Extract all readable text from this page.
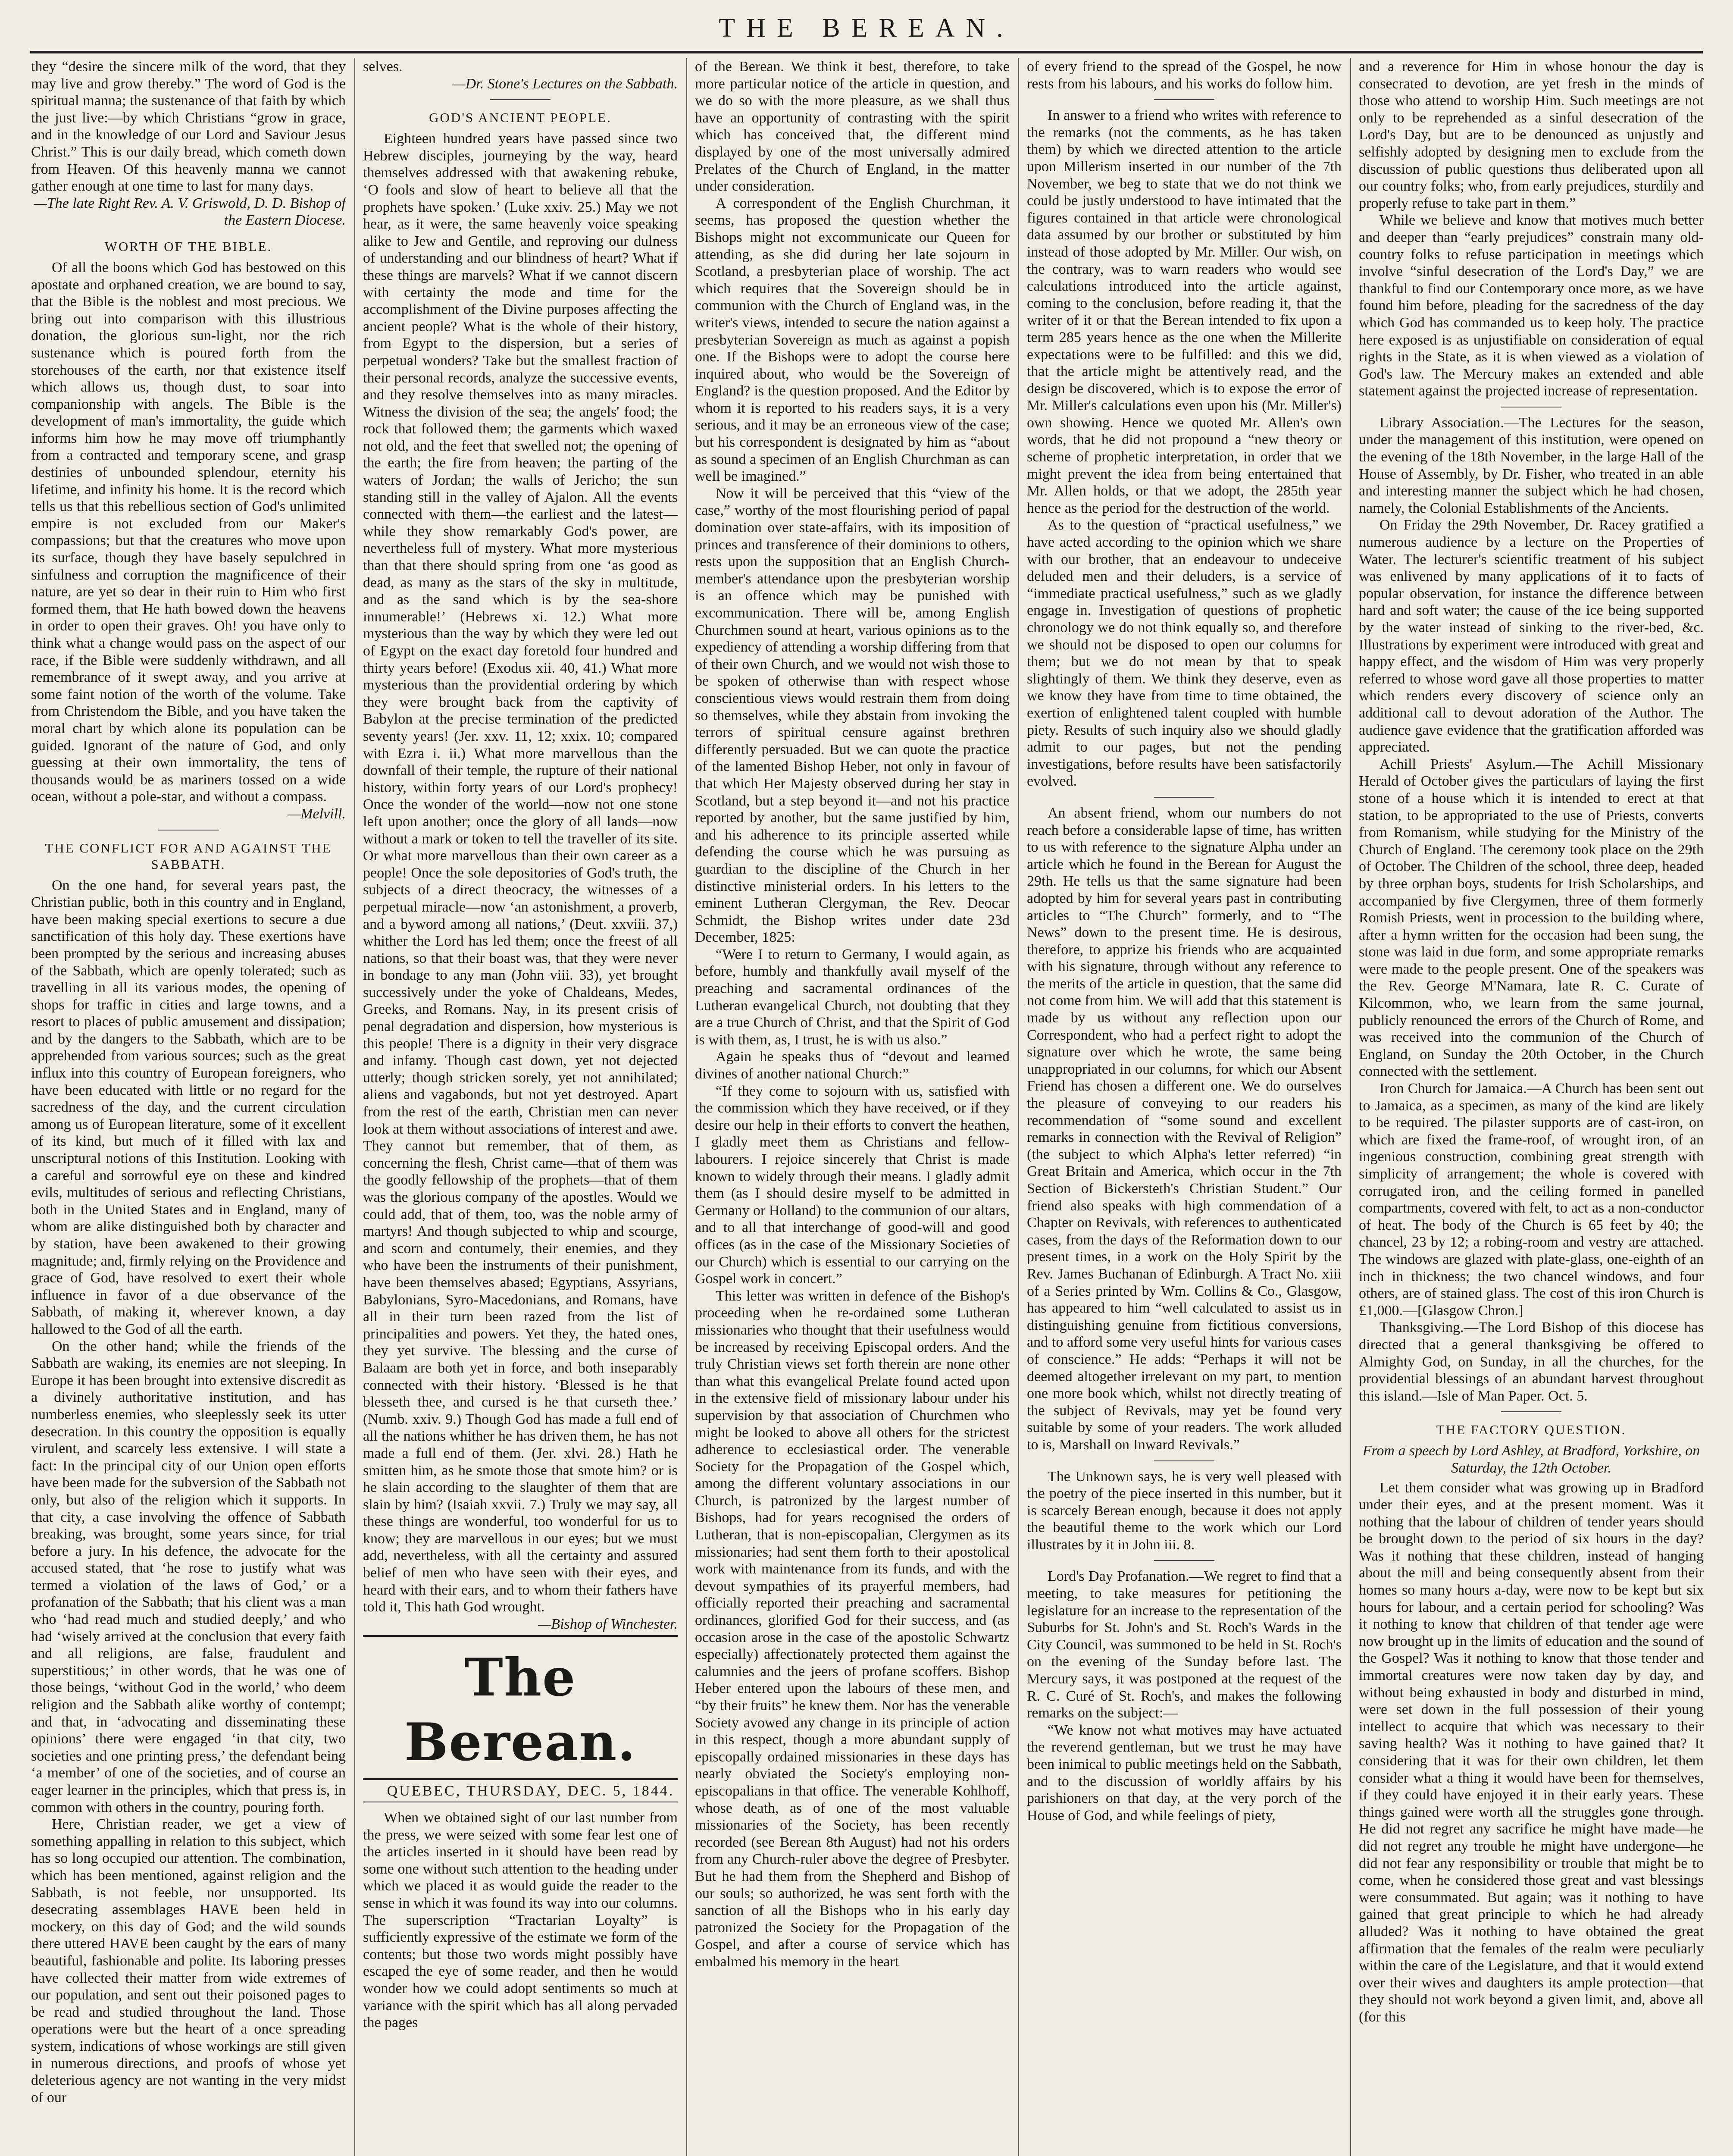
THE BEREAN.

they “desire the sincere milk of the word, that they may live and grow thereby.” The word of God is the spiritual manna; the sustenance of that faith by which the just live:—by which Christians “grow in grace, and in the knowledge of our Lord and Saviour Jesus Christ.” This is our daily bread, which cometh down from Heaven. Of this heavenly manna we cannot gather enough at one time to last for many days.

—The late Right Rev. A. V. Griswold, D. D. Bishop of the Eastern Diocese.

WORTH OF THE BIBLE.

Of all the boons which God has bestowed on this apostate and orphaned creation, we are bound to say, that the Bible is the noblest and most precious. We bring out into comparison with this illustrious donation, the glorious sun-light, nor the rich sustenance which is poured forth from the storehouses of the earth, nor that existence itself which allows us, though dust, to soar into companionship with angels. The Bible is the development of man's immortality, the guide which informs him how he may move off triumphantly from a contracted and temporary scene, and grasp destinies of unbounded splendour, eternity his lifetime, and infinity his home. It is the record which tells us that this rebellious section of God's unlimited empire is not excluded from our Maker's compassions; but that the creatures who move upon its surface, though they have basely sepulchred in sinfulness and corruption the magnificence of their nature, are yet so dear in their ruin to Him who first formed them, that He hath bowed down the heavens in order to open their graves. Oh! you have only to think what a change would pass on the aspect of our race, if the Bible were suddenly withdrawn, and all remembrance of it swept away, and you arrive at some faint notion of the worth of the volume. Take from Christendom the Bible, and you have taken the moral chart by which alone its population can be guided. Ignorant of the nature of God, and only guessing at their own immortality, the tens of thousands would be as mariners tossed on a wide ocean, without a pole-star, and without a compass.

—Melvill.

THE CONFLICT FOR AND AGAINST THE SABBATH.

On the one hand, for several years past, the Christian public, both in this country and in England, have been making special exertions to secure a due sanctification of this holy day. These exertions have been prompted by the serious and increasing abuses of the Sabbath, which are openly tolerated; such as travelling in all its various modes, the opening of shops for traffic in cities and large towns, and a resort to places of public amusement and dissipation; and by the dangers to the Sabbath, which are to be apprehended from various sources; such as the great influx into this country of European foreigners, who have been educated with little or no regard for the sacredness of the day, and the current circulation among us of European literature, some of it excellent of its kind, but much of it filled with lax and unscriptural notions of this Institution. Looking with a careful and sorrowful eye on these and kindred evils, multitudes of serious and reflecting Christians, both in the United States and in England, many of whom are alike distinguished both by character and by station, have been awakened to their growing magnitude; and, firmly relying on the Providence and grace of God, have resolved to exert their whole influence in favor of a due observance of the Sabbath, of making it, wherever known, a day hallowed to the God of all the earth.

On the other hand; while the friends of the Sabbath are waking, its enemies are not sleeping. In Europe it has been brought into extensive discredit as a divinely authoritative institution, and has numberless enemies, who sleeplessly seek its utter desecration. In this country the opposition is equally virulent, and scarcely less extensive. I will state a fact: In the principal city of our Union open efforts have been made for the subversion of the Sabbath not only, but also of the religion which it supports. In that city, a case involving the offence of Sabbath breaking, was brought, some years since, for trial before a jury. In his defence, the advocate for the accused stated, that ‘he rose to justify what was termed a violation of the laws of God,’ or a profanation of the Sabbath; that his client was a man who ‘had read much and studied deeply,’ and who had ‘wisely arrived at the conclusion that every faith and all religions, are false, fraudulent and superstitious;’ in other words, that he was one of those beings, ‘without God in the world,’ who deem religion and the Sabbath alike worthy of contempt; and that, in ‘advocating and disseminating these opinions’ there were engaged ‘in that city, two societies and one printing press,’ the defendant being ‘a member’ of one of the societies, and of course an eager learner in the principles, which that press is, in common with others in the country, pouring forth.

Here, Christian reader, we get a view of something appalling in relation to this subject, which has so long occupied our attention. The combination, which has been mentioned, against religion and the Sabbath, is not feeble, nor unsupported. Its desecrating assemblages HAVE been held in mockery, on this day of God; and the wild sounds there uttered HAVE been caught by the ears of many beautiful, fashionable and polite. Its laboring presses have collected their matter from wide extremes of our population, and sent out their poisoned pages to be read and studied throughout the land. Those operations were but the heart of a once spreading system, indications of whose workings are still given in numerous directions, and proofs of whose yet deleterious agency are not wanting in the very midst of our

selves.

—Dr. Stone's Lectures on the Sabbath.

GOD'S ANCIENT PEOPLE.

Eighteen hundred years have passed since two Hebrew disciples, journeying by the way, heard themselves addressed with that awakening rebuke, ‘O fools and slow of heart to believe all that the prophets have spoken.’ (Luke xxiv. 25.) May we not hear, as it were, the same heavenly voice speaking alike to Jew and Gentile, and reproving our dulness of understanding and our blindness of heart? What if these things are marvels? What if we cannot discern with certainty the mode and time for the accomplishment of the Divine purposes affecting the ancient people? What is the whole of their history, from Egypt to the dispersion, but a series of perpetual wonders? Take but the smallest fraction of their personal records, analyze the successive events, and they resolve themselves into as many miracles. Witness the division of the sea; the angels' food; the rock that followed them; the garments which waxed not old, and the feet that swelled not; the opening of the earth; the fire from heaven; the parting of the waters of Jordan; the walls of Jericho; the sun standing still in the valley of Ajalon. All the events connected with them—the earliest and the latest—while they show remarkably God's power, are nevertheless full of mystery. What more mysterious than that there should spring from one ‘as good as dead, as many as the stars of the sky in multitude, and as the sand which is by the sea-shore innumerable!’ (Hebrews xi. 12.) What more mysterious than the way by which they were led out of Egypt on the exact day foretold four hundred and thirty years before! (Exodus xii. 40, 41.) What more mysterious than the providential ordering by which they were brought back from the captivity of Babylon at the precise termination of the predicted seventy years! (Jer. xxv. 11, 12; xxix. 10; compared with Ezra i. ii.) What more marvellous than the downfall of their temple, the rupture of their national history, within forty years of our Lord's prophecy! Once the wonder of the world—now not one stone left upon another; once the glory of all lands—now without a mark or token to tell the traveller of its site. Or what more marvellous than their own career as a people! Once the sole depositories of God's truth, the subjects of a direct theocracy, the witnesses of a perpetual miracle—now ‘an astonishment, a proverb, and a byword among all nations,’ (Deut. xxviii. 37,) whither the Lord has led them; once the freest of all nations, so that their boast was, that they were never in bondage to any man (John viii. 33), yet brought successively under the yoke of Chaldeans, Medes, Greeks, and Romans. Nay, in its present crisis of penal degradation and dispersion, how mysterious is this people! There is a dignity in their very disgrace and infamy. Though cast down, yet not dejected utterly; though stricken sorely, yet not annihilated; aliens and vagabonds, but not yet destroyed. Apart from the rest of the earth, Christian men can never look at them without associations of interest and awe. They cannot but remember, that of them, as concerning the flesh, Christ came—that of them was the goodly fellowship of the prophets—that of them was the glorious company of the apostles. Would we could add, that of them, too, was the noble army of martyrs! And though subjected to whip and scourge, and scorn and contumely, their enemies, and they who have been the instruments of their punishment, have been themselves abased; Egyptians, Assyrians, Babylonians, Syro-Macedonians, and Romans, have all in their turn been razed from the list of principalities and powers. Yet they, the hated ones, they yet survive. The blessing and the curse of Balaam are both yet in force, and both inseparably connected with their history. ‘Blessed is he that blesseth thee, and cursed is he that curseth thee.’ (Numb. xxiv. 9.) Though God has made a full end of all the nations whither he has driven them, he has not made a full end of them. (Jer. xlvi. 28.) Hath he smitten him, as he smote those that smote him? or is he slain according to the slaughter of them that are slain by him? (Isaiah xxvii. 7.) Truly we may say, all these things are wonderful, too wonderful for us to know; they are marvellous in our eyes; but we must add, nevertheless, with all the certainty and assured belief of men who have seen with their eyes, and heard with their ears, and to whom their fathers have told it, This hath God wrought.

—Bishop of Winchester.

The Berean.

QUEBEC, THURSDAY, DEC. 5, 1844.

When we obtained sight of our last number from the press, we were seized with some fear lest one of the articles inserted in it should have been read by some one without such attention to the heading under which we placed it as would guide the reader to the sense in which it was found its way into our columns. The superscription “Tractarian Loyalty” is sufficiently expressive of the estimate we form of the contents; but those two words might possibly have escaped the eye of some reader, and then he would wonder how we could adopt sentiments so much at variance with the spirit which has all along pervaded the pages

of the Berean. We think it best, therefore, to take more particular notice of the article in question, and we do so with the more pleasure, as we shall thus have an opportunity of contrasting with the spirit which has conceived that, the different mind displayed by one of the most universally admired Prelates of the Church of England, in the matter under consideration.

A correspondent of the English Churchman, it seems, has proposed the question whether the Bishops might not excommunicate our Queen for attending, as she did during her late sojourn in Scotland, a presbyterian place of worship. The act which requires that the Sovereign should be in communion with the Church of England was, in the writer's views, intended to secure the nation against a presbyterian Sovereign as much as against a popish one. If the Bishops were to adopt the course here inquired about, who would be the Sovereign of England? is the question proposed. And the Editor by whom it is reported to his readers says, it is a very serious, and it may be an erroneous view of the case; but his correspondent is designated by him as “about as sound a specimen of an English Churchman as can well be imagined.”

Now it will be perceived that this “view of the case,” worthy of the most flourishing period of papal domination over state-affairs, with its imposition of princes and transference of their dominions to others, rests upon the supposition that an English Church-member's attendance upon the presbyterian worship is an offence which may be punished with excommunication. There will be, among English Churchmen sound at heart, various opinions as to the expediency of attending a worship differing from that of their own Church, and we would not wish those to be spoken of otherwise than with respect whose conscientious views would restrain them from doing so themselves, while they abstain from invoking the terrors of spiritual censure against brethren differently persuaded. But we can quote the practice of the lamented Bishop Heber, not only in favour of that which Her Majesty observed during her stay in Scotland, but a step beyond it—and not his practice reported by another, but the same justified by him, and his adherence to its principle asserted while defending the course which he was pursuing as guardian to the discipline of the Church in her distinctive ministerial orders. In his letters to the eminent Lutheran Clergyman, the Rev. Deocar Schmidt, the Bishop writes under date 23d December, 1825:

“Were I to return to Germany, I would again, as before, humbly and thankfully avail myself of the preaching and sacramental ordinances of the Lutheran evangelical Church, not doubting that they are a true Church of Christ, and that the Spirit of God is with them, as, I trust, he is with us also.”

Again he speaks thus of “devout and learned divines of another national Church:”

“If they come to sojourn with us, satisfied with the commission which they have received, or if they desire our help in their efforts to convert the heathen, I gladly meet them as Christians and fellow-labourers. I rejoice sincerely that Christ is made known to widely through their means. I gladly admit them (as I should desire myself to be admitted in Germany or Holland) to the communion of our altars, and to all that interchange of good-will and good offices (as in the case of the Missionary Societies of our Church) which is essential to our carrying on the Gospel work in concert.”

This letter was written in defence of the Bishop's proceeding when he re-ordained some Lutheran missionaries who thought that their usefulness would be increased by receiving Episcopal orders. And the truly Christian views set forth therein are none other than what this evangelical Prelate found acted upon in the extensive field of missionary labour under his supervision by that association of Churchmen who might be looked to above all others for the strictest adherence to ecclesiastical order. The venerable Society for the Propagation of the Gospel which, among the different voluntary associations in our Church, is patronized by the largest number of Bishops, had for years recognised the orders of Lutheran, that is non-episcopalian, Clergymen as its missionaries; had sent them forth to their apostolical work with maintenance from its funds, and with the devout sympathies of its prayerful members, had officially reported their preaching and sacramental ordinances, glorified God for their success, and (as occasion arose in the case of the apostolic Schwartz especially) affectionately protected them against the calumnies and the jeers of profane scoffers. Bishop Heber entered upon the labours of these men, and “by their fruits” he knew them. Nor has the venerable Society avowed any change in its principle of action in this respect, though a more abundant supply of episcopally ordained missionaries in these days has nearly obviated the Society's employing non-episcopalians in that office. The venerable Kohlhoff, whose death, as of one of the most valuable missionaries of the Society, has been recently recorded (see Berean 8th August) had not his orders from any Church-ruler above the degree of Presbyter. But he had them from the Shepherd and Bishop of our souls; so authorized, he was sent forth with the sanction of all the Bishops who in his early day patronized the Society for the Propagation of the Gospel, and after a course of service which has embalmed his memory in the heart

of every friend to the spread of the Gospel, he now rests from his labours, and his works do follow him.

In answer to a friend who writes with reference to the remarks (not the comments, as he has taken them) by which we directed attention to the article upon Millerism inserted in our number of the 7th November, we beg to state that we do not think we could be justly understood to have intimated that the figures contained in that article were chronological data assumed by our brother or substituted by him instead of those adopted by Mr. Miller. Our wish, on the contrary, was to warn readers who would see calculations introduced into the article against, coming to the conclusion, before reading it, that the writer of it or that the Berean intended to fix upon a term 285 years hence as the one when the Millerite expectations were to be fulfilled: and this we did, that the article might be attentively read, and the design be discovered, which is to expose the error of Mr. Miller's calculations even upon his (Mr. Miller's) own showing. Hence we quoted Mr. Allen's own words, that he did not propound a “new theory or scheme of prophetic interpretation, in order that we might prevent the idea from being entertained that Mr. Allen holds, or that we adopt, the 285th year hence as the period for the destruction of the world.

As to the question of “practical usefulness,” we have acted according to the opinion which we share with our brother, that an endeavour to undeceive deluded men and their deluders, is a service of “immediate practical usefulness,” such as we gladly engage in. Investigation of questions of prophetic chronology we do not think equally so, and therefore we should not be disposed to open our columns for them; but we do not mean by that to speak slightingly of them. We think they deserve, even as we know they have from time to time obtained, the exertion of enlightened talent coupled with humble piety. Results of such inquiry also we should gladly admit to our pages, but not the pending investigations, before results have been satisfactorily evolved.

An absent friend, whom our numbers do not reach before a considerable lapse of time, has written to us with reference to the signature Alpha under an article which he found in the Berean for August the 29th. He tells us that the same signature had been adopted by him for several years past in contributing articles to “The Church” formerly, and to “The News” down to the present time. He is desirous, therefore, to apprize his friends who are acquainted with his signature, through without any reference to the merits of the article in question, that the same did not come from him. We will add that this statement is made by us without any reflection upon our Correspondent, who had a perfect right to adopt the signature over which he wrote, the same being unappropriated in our columns, for which our Absent Friend has chosen a different one. We do ourselves the pleasure of conveying to our readers his recommendation of “some sound and excellent remarks in connection with the Revival of Religion” (the subject to which Alpha's letter referred) “in Great Britain and America, which occur in the 7th Section of Bickersteth's Christian Student.” Our friend also speaks with high commendation of a Chapter on Revivals, with references to authenticated cases, from the days of the Reformation down to our present times, in a work on the Holy Spirit by the Rev. James Buchanan of Edinburgh. A Tract No. xiii of a Series printed by Wm. Collins & Co., Glasgow, has appeared to him “well calculated to assist us in distinguishing genuine from fictitious conversions, and to afford some very useful hints for various cases of conscience.” He adds: “Perhaps it will not be deemed altogether irrelevant on my part, to mention one more book which, whilst not directly treating of the subject of Revivals, may yet be found very suitable by some of your readers. The work alluded to is, Marshall on Inward Revivals.”

The Unknown says, he is very well pleased with the poetry of the piece inserted in this number, but it is scarcely Berean enough, because it does not apply the beautiful theme to the work which our Lord illustrates by it in John iii. 8.

Lord's Day Profanation.—We regret to find that a meeting, to take measures for petitioning the legislature for an increase to the representation of the Suburbs for St. John's and St. Roch's Wards in the City Council, was summoned to be held in St. Roch's on the evening of the Sunday before last. The Mercury says, it was postponed at the request of the R. C. Curé of St. Roch's, and makes the following remarks on the subject:—

“We know not what motives may have actuated the reverend gentleman, but we trust he may have been inimical to public meetings held on the Sabbath, and to the discussion of worldly affairs by his parishioners on that day, at the very porch of the House of God, and while feelings of piety,

and a reverence for Him in whose honour the day is consecrated to devotion, are yet fresh in the minds of those who attend to worship Him. Such meetings are not only to be reprehended as a sinful desecration of the Lord's Day, but are to be denounced as unjustly and selfishly adopted by designing men to exclude from the discussion of public questions thus deliberated upon all our country folks; who, from early prejudices, sturdily and properly refuse to take part in them.”

While we believe and know that motives much better and deeper than “early prejudices” constrain many old-country folks to refuse participation in meetings which involve “sinful desecration of the Lord's Day,” we are thankful to find our Contemporary once more, as we have found him before, pleading for the sacredness of the day which God has commanded us to keep holy. The practice here exposed is as unjustifiable on consideration of equal rights in the State, as it is when viewed as a violation of God's law. The Mercury makes an extended and able statement against the projected increase of representation.

Library Association.—The Lectures for the season, under the management of this institution, were opened on the evening of the 18th November, in the large Hall of the House of Assembly, by Dr. Fisher, who treated in an able and interesting manner the subject which he had chosen, namely, the Colonial Establishments of the Ancients.

On Friday the 29th November, Dr. Racey gratified a numerous audience by a lecture on the Properties of Water. The lecturer's scientific treatment of his subject was enlivened by many applications of it to facts of popular observation, for instance the difference between hard and soft water; the cause of the ice being supported by the water instead of sinking to the river-bed, &c. Illustrations by experiment were introduced with great and happy effect, and the wisdom of Him was very properly referred to whose word gave all those properties to matter which renders every discovery of science only an additional call to devout adoration of the Author. The audience gave evidence that the gratification afforded was appreciated.

Achill Priests' Asylum.—The Achill Missionary Herald of October gives the particulars of laying the first stone of a house which it is intended to erect at that station, to be appropriated to the use of Priests, converts from Romanism, while studying for the Ministry of the Church of England. The ceremony took place on the 29th of October. The Children of the school, three deep, headed by three orphan boys, students for Irish Scholarships, and accompanied by five Clergymen, three of them formerly Romish Priests, went in procession to the building where, after a hymn written for the occasion had been sung, the stone was laid in due form, and some appropriate remarks were made to the people present. One of the speakers was the Rev. George M'Namara, late R. C. Curate of Kilcommon, who, we learn from the same journal, publicly renounced the errors of the Church of Rome, and was received into the communion of the Church of England, on Sunday the 20th October, in the Church connected with the settlement.

Iron Church for Jamaica.—A Church has been sent out to Jamaica, as a specimen, as many of the kind are likely to be required. The pilaster supports are of cast-iron, on which are fixed the frame-roof, of wrought iron, of an ingenious construction, combining great strength with simplicity of arrangement; the whole is covered with corrugated iron, and the ceiling formed in panelled compartments, covered with felt, to act as a non-conductor of heat. The body of the Church is 65 feet by 40; the chancel, 23 by 12; a robing-room and vestry are attached. The windows are glazed with plate-glass, one-eighth of an inch in thickness; the two chancel windows, and four others, are of stained glass. The cost of this iron Church is £1,000.—[Glasgow Chron.]

Thanksgiving.—The Lord Bishop of this diocese has directed that a general thanksgiving be offered to Almighty God, on Sunday, in all the churches, for the providential blessings of an abundant harvest throughout this island.—Isle of Man Paper. Oct. 5.

THE FACTORY QUESTION.

From a speech by Lord Ashley, at Bradford, Yorkshire, on Saturday, the 12th October.

Let them consider what was growing up in Bradford under their eyes, and at the present moment. Was it nothing that the labour of children of tender years should be brought down to the period of six hours in the day? Was it nothing that these children, instead of hanging about the mill and being consequently absent from their homes so many hours a-day, were now to be kept but six hours for labour, and a certain period for schooling? Was it nothing to know that children of that tender age were now brought up in the limits of education and the sound of the Gospel? Was it nothing to know that those tender and immortal creatures were now taken day by day, and without being exhausted in body and disturbed in mind, were set down in the full possession of their young intellect to acquire that which was necessary to their saving health? Was it nothing to have gained that? It considering that it was for their own children, let them consider what a thing it would have been for themselves, if they could have enjoyed it in their early years. These things gained were worth all the struggles gone through. He did not regret any sacrifice he might have made—he did not regret any trouble he might have undergone—he did not fear any responsibility or trouble that might be to come, when he considered those great and vast blessings were consummated. But again; was it nothing to have gained that great principle to which he had already alluded? Was it nothing to have obtained the great affirmation that the females of the realm were peculiarly within the care of the Legislature, and that it would extend over their wives and daughters its ample protection—that they should not work beyond a given limit, and, above all (for this
